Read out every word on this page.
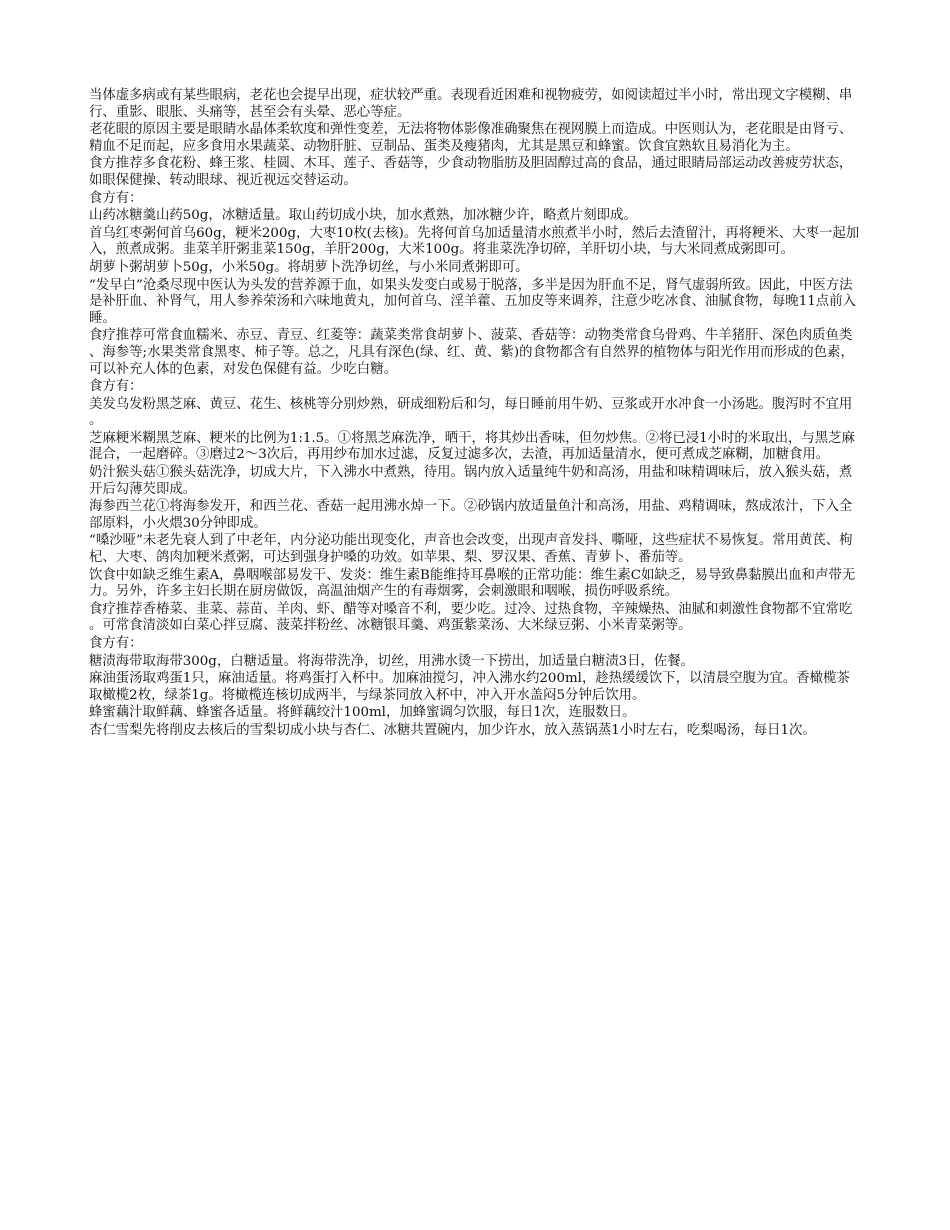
当体虚多病或有某些眼病，老花也会提早出现，症状较严重。表现看近困难和视物疲劳，如阅读超过半小时，常出现文字模糊、串行、重影、眼胀、头痛等，甚至会有头晕、恶心等症。

老花眼的原因主要是眼睛水晶体柔软度和弹性变差，无法将物体影像准确聚焦在视网膜上而造成。中医则认为，老花眼是由肾亏、精血不足而起，应多食用水果蔬菜、动物肝脏、豆制品、蛋类及瘦猪肉，尤其是黑豆和蜂蜜。饮食宜熟软且易消化为主。

食方推荐多食花粉、蜂王浆、桂圆、木耳、莲子、香菇等，少食动物脂肪及胆固醇过高的食品，通过眼睛局部运动改善疲劳状态，如眼保健操、转动眼球、视近视远交替运动。

食方有：

山药冰糖羹山药50g，冰糖适量。取山药切成小块，加水煮熟，加冰糖少许，略煮片刻即成。

首乌红枣粥何首乌60g，粳米200g，大枣10枚(去核)。先将何首乌加适量清水煎煮半小时，然后去渣留汁，再将粳米、大枣一起加入，煎煮成粥。韭菜羊肝粥韭菜150g，羊肝200g，大米100g。将韭菜洗净切碎，羊肝切小块，与大米同煮成粥即可。

胡萝卜粥胡萝卜50g，小米50g。将胡萝卜洗净切丝，与小米同煮粥即可。

“发早白”沧桑尽现中医认为头发的营养源于血，如果头发变白或易于脱落，多半是因为肝血不足，肾气虚弱所致。因此，中医方法是补肝血、补肾气，用人参养荣汤和六味地黄丸，加何首乌、淫羊藿、五加皮等来调养，注意少吃冰食、油腻食物，每晚11点前入睡。

食疗推荐可常食血糯米、赤豆、青豆、红菱等：蔬菜类常食胡萝卜、菠菜、香菇等：动物类常食乌骨鸡、牛羊猪肝、深色肉质鱼类、海参等;水果类常食黑枣、柿子等。总之，凡具有深色(绿、红、黄、紫)的食物都含有自然界的植物体与阳光作用而形成的色素，可以补充人体的色素，对发色保健有益。少吃白糖。

食方有：

美发乌发粉黑芝麻、黄豆、花生、核桃等分别炒熟，研成细粉后和匀，每日睡前用牛奶、豆浆或开水冲食一小汤匙。腹泻时不宜用。

芝麻粳米糊黑芝麻、粳米的比例为1:1.5。①将黑芝麻洗净，晒干，将其炒出香味，但勿炒焦。②将已浸1小时的米取出，与黑芝麻混合，一起磨碎。③磨过2～3次后，再用纱布加水过滤，反复过滤多次，去渣，再加适量清水，便可煮成芝麻糊，加糖食用。

奶汁猴头菇①猴头菇洗净，切成大片，下入沸水中煮熟，待用。锅内放入适量纯牛奶和高汤，用盐和味精调味后，放入猴头菇，煮开后勾薄芡即成。

海参西兰花①将海参发开，和西兰花、香菇一起用沸水焯一下。②砂锅内放适量鱼汁和高汤，用盐、鸡精调味，熬成浓汁，下入全部原料，小火煨30分钟即成。

“嗓沙哑”未老先衰人到了中老年，内分泌功能出现变化，声音也会改变，出现声音发抖、嘶哑，这些症状不易恢复。常用黄芪、枸杞、大枣、鸽肉加粳米煮粥，可达到强身护嗓的功效。如苹果、梨、罗汉果、香蕉、青萝卜、番茄等。

饮食中如缺乏维生素A，鼻咽喉部易发干、发炎：维生素B能维持耳鼻喉的正常功能：维生素C如缺乏，易导致鼻黏膜出血和声带无力。另外，许多主妇长期在厨房做饭，高温油烟产生的有毒烟雾，会刺激眼和咽喉，损伤呼吸系统。

食疗推荐香椿菜、韭菜、蒜苗、羊肉、虾、醋等对嗓音不利，要少吃。过冷、过热食物，辛辣燥热、油腻和刺激性食物都不宜常吃。可常食清淡如白菜心拌豆腐、菠菜拌粉丝、冰糖银耳羹、鸡蛋紫菜汤、大米绿豆粥、小米青菜粥等。

食方有：

糖渍海带取海带300g，白糖适量。将海带洗净，切丝，用沸水烫一下捞出，加适量白糖渍3日，佐餐。

麻油蛋汤取鸡蛋1只，麻油适量。将鸡蛋打入杯中。加麻油搅匀，冲入沸水约200ml，趁热缓缓饮下，以清晨空腹为宜。香橄榄茶取橄榄2枚，绿茶1g。将橄榄连核切成两半，与绿茶同放入杯中，冲入开水盖闷5分钟后饮用。

蜂蜜藕汁取鲜藕、蜂蜜各适量。将鲜藕绞汁100ml，加蜂蜜调匀饮服，每日1次，连服数日。

杏仁雪梨先将削皮去核后的雪梨切成小块与杏仁、冰糖共置碗内，加少许水，放入蒸锅蒸1小时左右，吃梨喝汤，每日1次。
